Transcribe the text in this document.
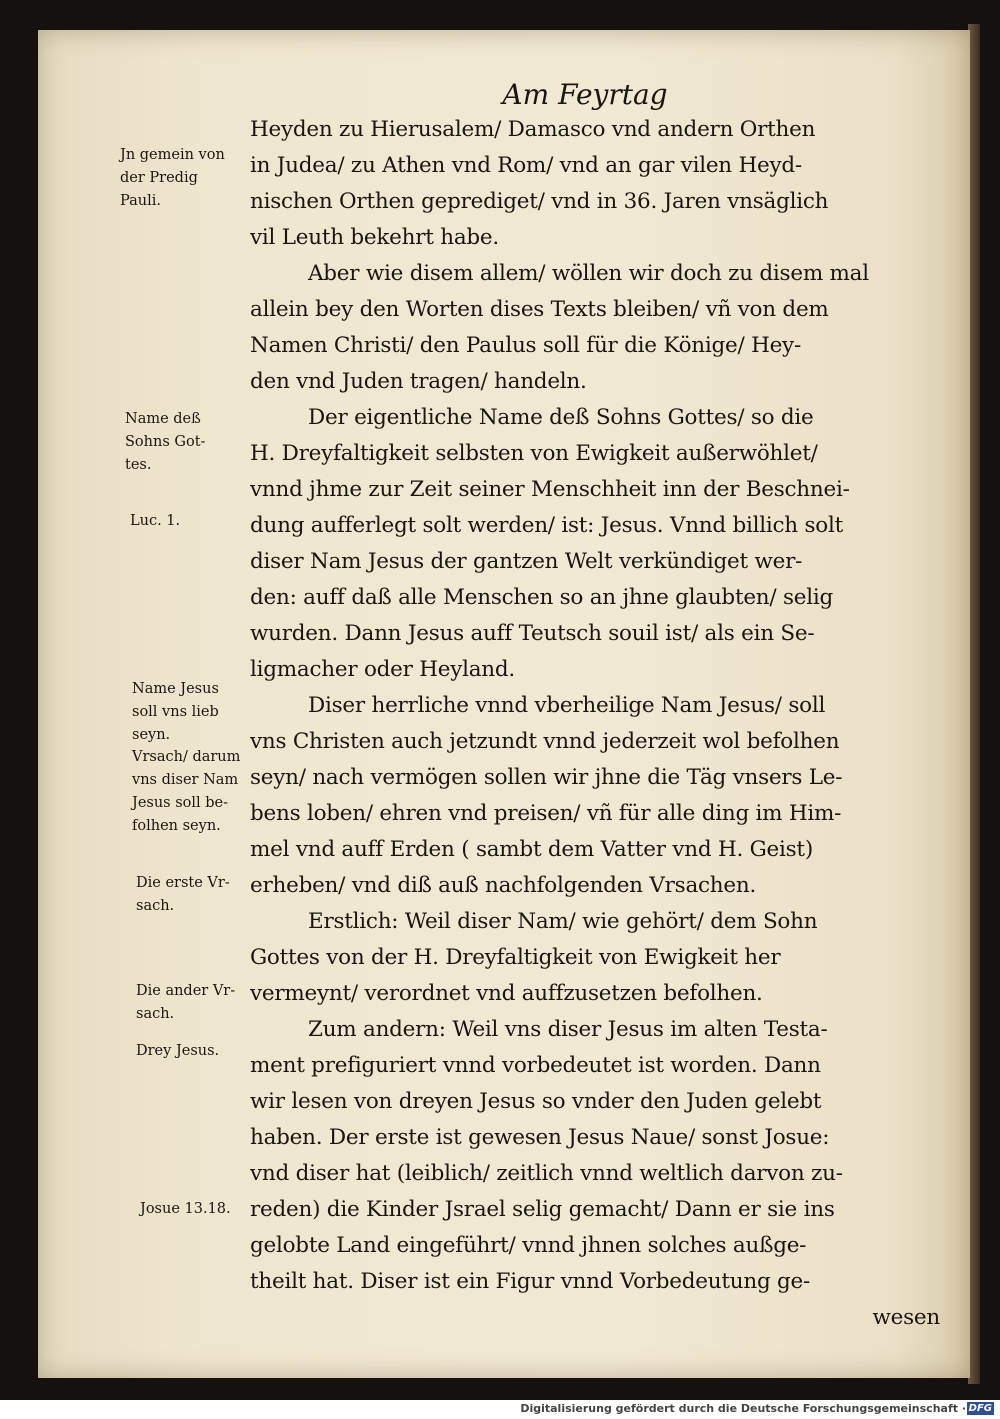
Am Feyrtag
Heyden zu Hierusalem/ Damasco vnd andern Orthen
in Judea/ zu Athen vnd Rom/ vnd an gar vilen Heyd-
nischen Orthen geprediget/ vnd in 36. Jaren vnsäglich
vil Leuth bekehrt habe.
Aber wie disem allem/ wöllen wir doch zu disem mal
allein bey den Worten dises Texts bleiben/ vñ von dem
Namen Christi/ den Paulus soll für die Könige/ Hey-
den vnd Juden tragen/ handeln.
Der eigentliche Name deß Sohns Gottes/ so die
H. Dreyfaltigkeit selbsten von Ewigkeit außerwöhlet/
vnnd jhme zur Zeit seiner Menschheit inn der Beschnei-
dung aufferlegt solt werden/ ist: Jesus. Vnnd billich solt
diser Nam Jesus der gantzen Welt verkündiget wer-
den: auff daß alle Menschen so an jhne glaubten/ selig
wurden. Dann Jesus auff Teutsch souil ist/ als ein Se-
ligmacher oder Heyland.
Diser herrliche vnnd vberheilige Nam Jesus/ soll
vns Christen auch jetzundt vnnd jederzeit wol befolhen
seyn/ nach vermögen sollen wir jhne die Täg vnsers Le-
bens loben/ ehren vnd preisen/ vñ für alle ding im Him-
mel vnd auff Erden ( sambt dem Vatter vnd H. Geist)
erheben/ vnd diß auß nachfolgenden Vrsachen.
Erstlich: Weil diser Nam/ wie gehört/ dem Sohn
Gottes von der H. Dreyfaltigkeit von Ewigkeit her
vermeynt/ verordnet vnd auffzusetzen befolhen.
Zum andern: Weil vns diser Jesus im alten Testa-
ment prefiguriert vnnd vorbedeutet ist worden. Dann
wir lesen von dreyen Jesus so vnder den Juden gelebt
haben. Der erste ist gewesen Jesus Naue/ sonst Josue:
vnd diser hat (leiblich/ zeitlich vnnd weltlich darvon zu-
reden) die Kinder Jsrael selig gemacht/ Dann er sie ins
gelobte Land eingeführt/ vnnd jhnen solches außge-
theilt hat. Diser ist ein Figur vnnd Vorbedeutung ge-
wesen
Jn gemein von
der Predig
Pauli.
Name deß
Sohns Got-
tes.
Luc. 1.
Name Jesus
soll vns lieb
seyn.
Vrsach/ darum
vns diser Nam
Jesus soll be-
folhen seyn.
Die erste Vr-
sach.
Die ander Vr-
sach.
Drey Jesus.
Josue 13.18.
Digitalisierung gefördert durch die Deutsche Forschungsgemeinschaft · DFG
